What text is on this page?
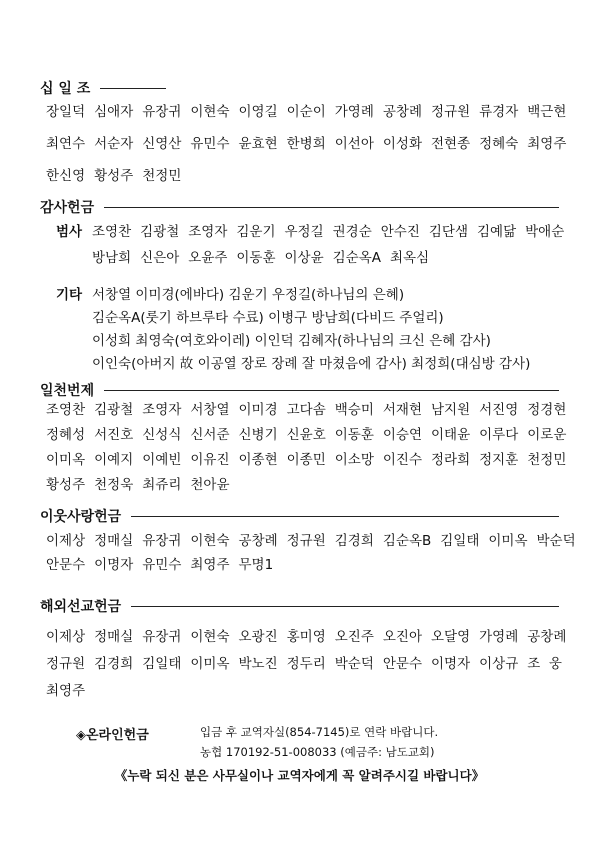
십 일 조
장일덕 심애자 유장귀 이현숙 이영길 이순이 가영례 공창례 정규원 류경자 백근현
최연수 서순자 신영산 유민수 윤효현 한병희 이선아 이성화 전현종 정혜숙 최영주
한신영 황성주 천정민
감사헌금
범사 조영찬 김광철 조영자 김운기 우정길 권경순 안수진 김단샘 김예닮 박애순
방남희 신은아 오윤주 이동훈 이상윤 김순옥A 최옥심
기타 서창열 이미경(에바다) 김운기 우정길(하나님의 은혜)
김순옥A(룻기 하브루타 수료) 이병구 방남희(다비드 주얼리)
이성희 최영숙(여호와이레) 이인덕 김혜자(하나님의 크신 은혜 감사)
이인숙(아버지 故 이공열 장로 장례 잘 마쳤음에 감사) 최정희(대심방 감사)
일천번제
조영찬 김광철 조영자 서창열 이미경 고다솜 백승미 서재현 남지원 서진영 정경현
정혜성 서진호 신성식 신서준 신병기 신윤호 이동훈 이승연 이태윤 이루다 이로운
이미옥 이예지 이예빈 이유진 이종현 이종민 이소망 이진수 정라희 정지훈 천정민
황성주 천정욱 최쥬리 천아윤
이웃사랑헌금
이제상 정매실 유장귀 이현숙 공창례 정규원 김경희 김순옥B 김일태 이미옥 박순덕
안문수 이명자 유민수 최영주 무명1
해외선교헌금
이제상 정매실 유장귀 이현숙 오광진 홍미영 오진주 오진아 오달영 가영례 공창례
정규원 김경희 김일태 이미옥 박노진 정두리 박순덕 안문수 이명자 이상규 조  웅
최영주
◈온라인헌금	입금 후 교역자실(854-7145)로 연락 바랍니다.
농협 170192-51-008033 (예금주: 남도교회)
《누락 되신 분은 사무실이나 교역자에게 꼭 알려주시길 바랍니다》
